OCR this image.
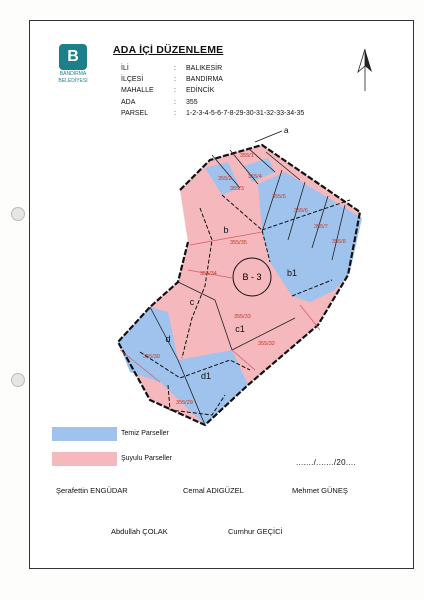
B
BANDIRMA
BELEDİYESİ
ADA İÇİ DÜZENLEME
İLİ	: BALIKESİR
İLÇESİ	: BANDIRMA
MAHALLE	: EDİNCİK
ADA	: 355
PARSEL	: 1-2-3-4-5-6-7-8-29-30-31-32-33-34-35
a
B - 3
b
b1
c
c1
d
d1
355/1
355/2
355/3
355/4
355/5
355/6
355/7
355/8
355/35
355/34
355/33
355/32
355/30
355/29
Temiz Parseller
Şuyulu Parseller	......./......./20....
Şerafettin ENGÜDAR	Cemal ADIGÜZEL	Mehmet GÜNEŞ
Abdullah ÇOLAK	Cumhur GEÇİCİ
